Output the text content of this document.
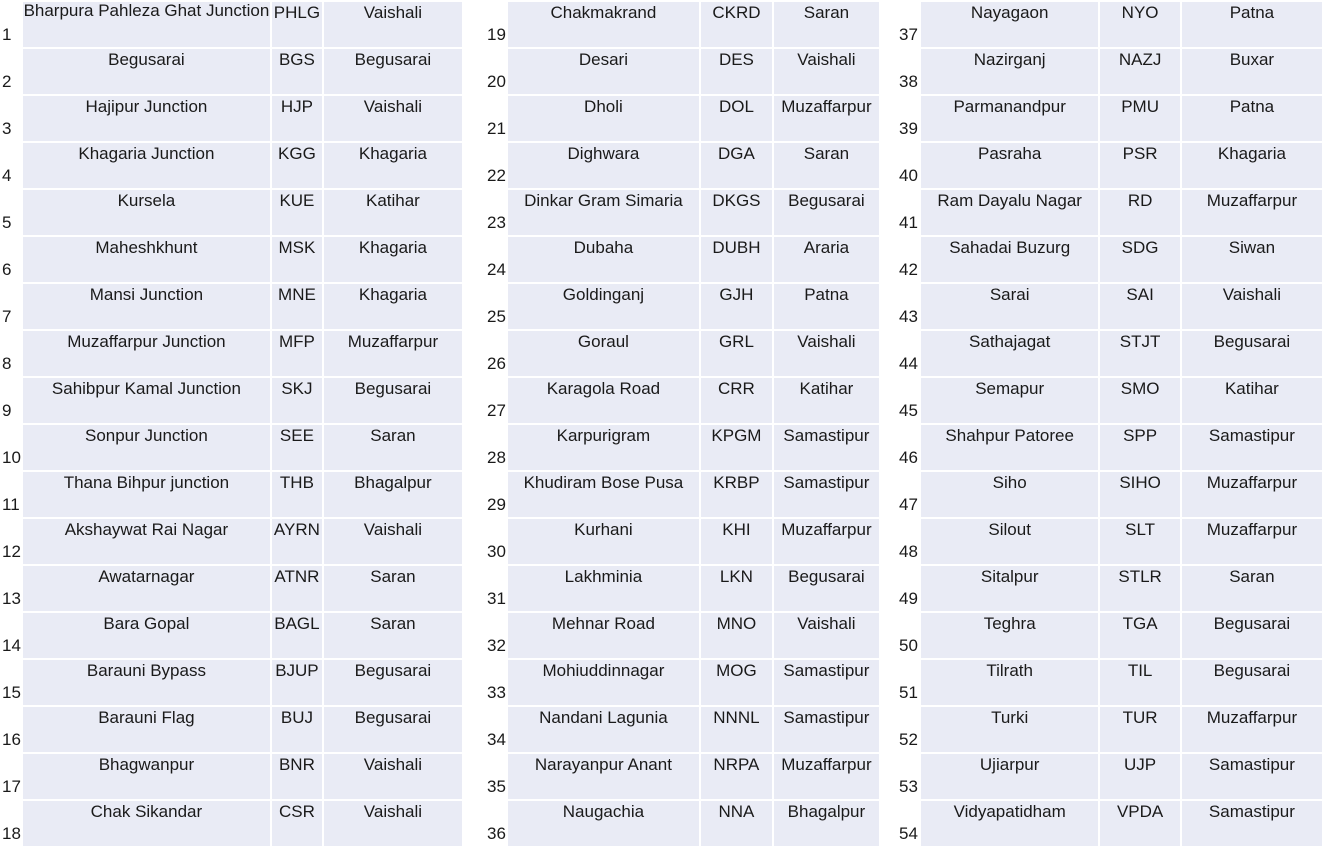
1	Bharpura Pahleza Ghat Junction	PHLG	Vaishali
2	Begusarai	BGS	Begusarai
3	Hajipur Junction	HJP	Vaishali
4	Khagaria Junction	KGG	Khagaria
5	Kursela	KUE	Katihar
6	Maheshkhunt	MSK	Khagaria
7	Mansi Junction	MNE	Khagaria
8	Muzaffarpur Junction	MFP	Muzaffarpur
9	Sahibpur Kamal Junction	SKJ	Begusarai
10	Sonpur Junction	SEE	Saran
11	Thana Bihpur junction	THB	Bhagalpur
12	Akshaywat Rai Nagar	AYRN	Vaishali
13	Awatarnagar	ATNR	Saran
14	Bara Gopal	BAGL	Saran
15	Barauni Bypass	BJUP	Begusarai
16	Barauni Flag	BUJ	Begusarai
17	Bhagwanpur	BNR	Vaishali
18	Chak Sikandar	CSR	Vaishali
19	Chakmakrand	CKRD	Saran
20	Desari	DES	Vaishali
21	Dholi	DOL	Muzaffarpur
22	Dighwara	DGA	Saran
23	Dinkar Gram Simaria	DKGS	Begusarai
24	Dubaha	DUBH	Araria
25	Goldinganj	GJH	Patna
26	Goraul	GRL	Vaishali
27	Karagola Road	CRR	Katihar
28	Karpurigram	KPGM	Samastipur
29	Khudiram Bose Pusa	KRBP	Samastipur
30	Kurhani	KHI	Muzaffarpur
31	Lakhminia	LKN	Begusarai
32	Mehnar Road	MNO	Vaishali
33	Mohiuddinnagar	MOG	Samastipur
34	Nandani Lagunia	NNNL	Samastipur
35	Narayanpur Anant	NRPA	Muzaffarpur
36	Naugachia	NNA	Bhagalpur
37	Nayagaon	NYO	Patna
38	Nazirganj	NAZJ	Buxar
39	Parmanandpur	PMU	Patna
40	Pasraha	PSR	Khagaria
41	Ram Dayalu Nagar	RD	Muzaffarpur
42	Sahadai Buzurg	SDG	Siwan
43	Sarai	SAI	Vaishali
44	Sathajagat	STJT	Begusarai
45	Semapur	SMO	Katihar
46	Shahpur Patoree	SPP	Samastipur
47	Siho	SIHO	Muzaffarpur
48	Silout	SLT	Muzaffarpur
49	Sitalpur	STLR	Saran
50	Teghra	TGA	Begusarai
51	Tilrath	TIL	Begusarai
52	Turki	TUR	Muzaffarpur
53	Ujiarpur	UJP	Samastipur
54	Vidyapatidham	VPDA	Samastipur
